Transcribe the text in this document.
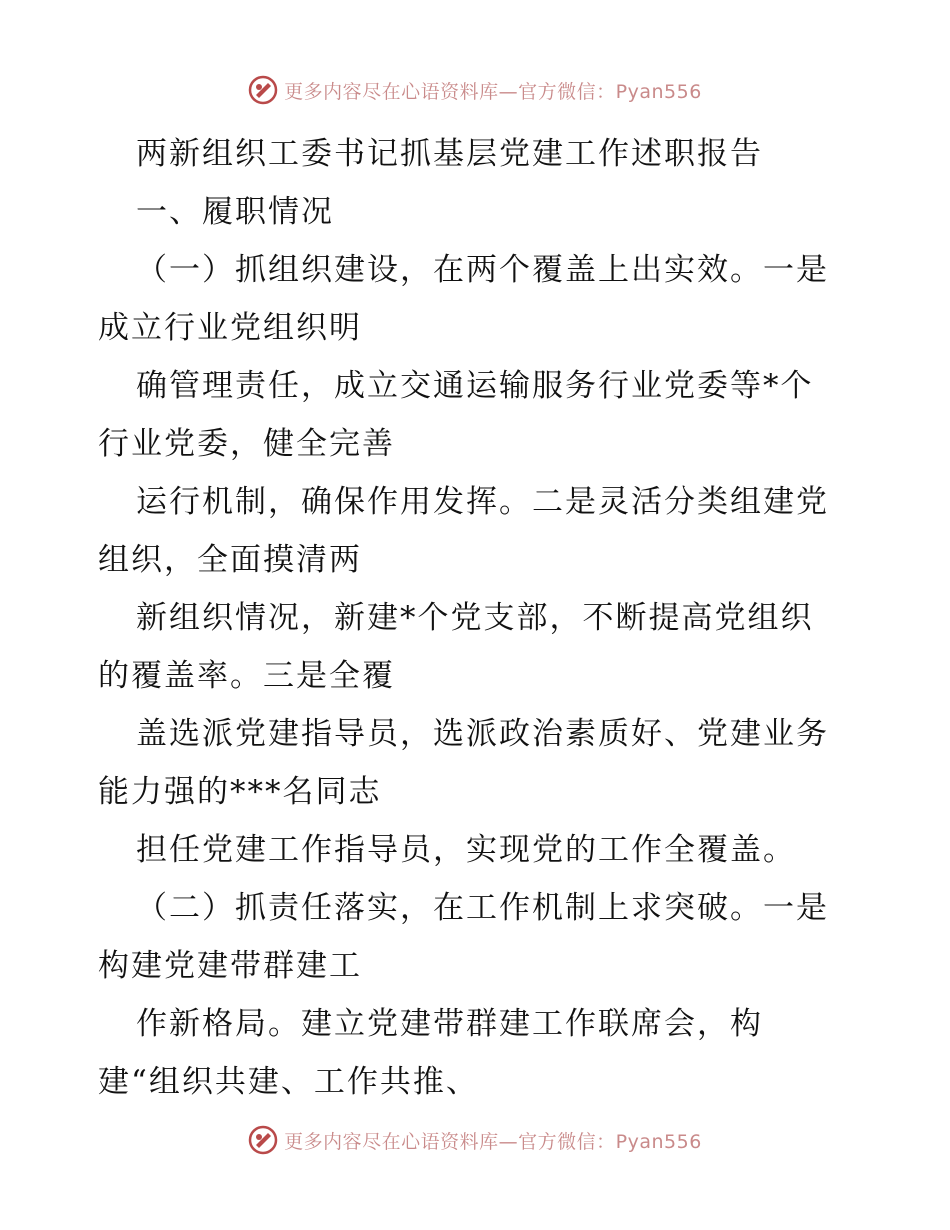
更多内容尽在心语资料库—官方微信：Pyan556
两新组织工委书记抓基层党建工作述职报告
一、履职情况
（一）抓组织建设，在两个覆盖上出实效。一是
成立行业党组织明
确管理责任，成立交通运输服务行业党委等*个
行业党委，健全完善
运行机制，确保作用发挥。二是灵活分类组建党
组织，全面摸清两
新组织情况，新建*个党支部，不断提高党组织
的覆盖率。三是全覆
盖选派党建指导员，选派政治素质好、党建业务
能力强的***名同志
担任党建工作指导员，实现党的工作全覆盖。
（二）抓责任落实，在工作机制上求突破。一是
构建党建带群建工
作新格局。建立党建带群建工作联席会，构
建“组织共建、工作共推、
更多内容尽在心语资料库—官方微信：Pyan556
